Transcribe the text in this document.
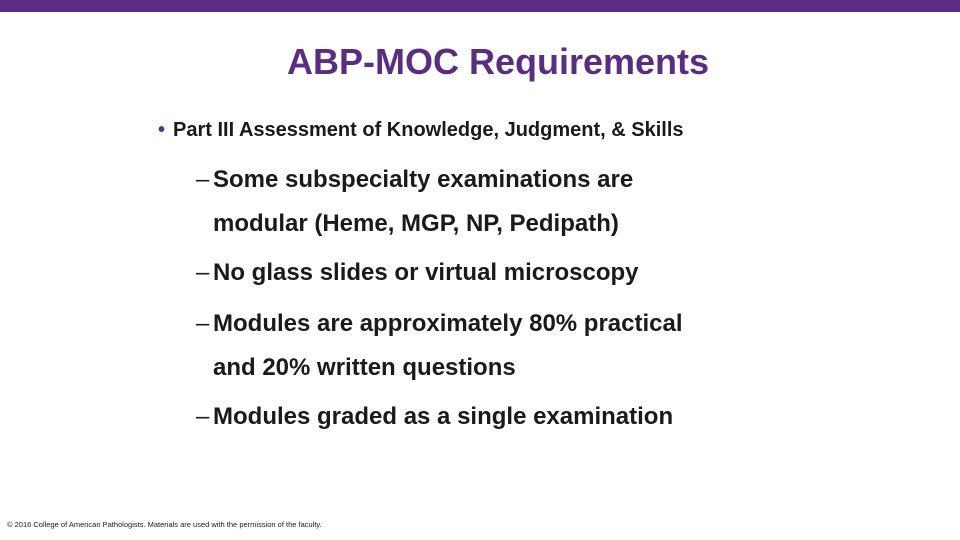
ABP-MOC Requirements
• Part III Assessment of Knowledge, Judgment, & Skills
– Some subspecialty examinations are
modular (Heme, MGP, NP, Pedipath)
– No glass slides or virtual microscopy
– Modules are approximately 80% practical
and 20% written questions
– Modules graded as a single examination
© 2016 College of American Pathologists. Materials are used with the permission of the faculty.
